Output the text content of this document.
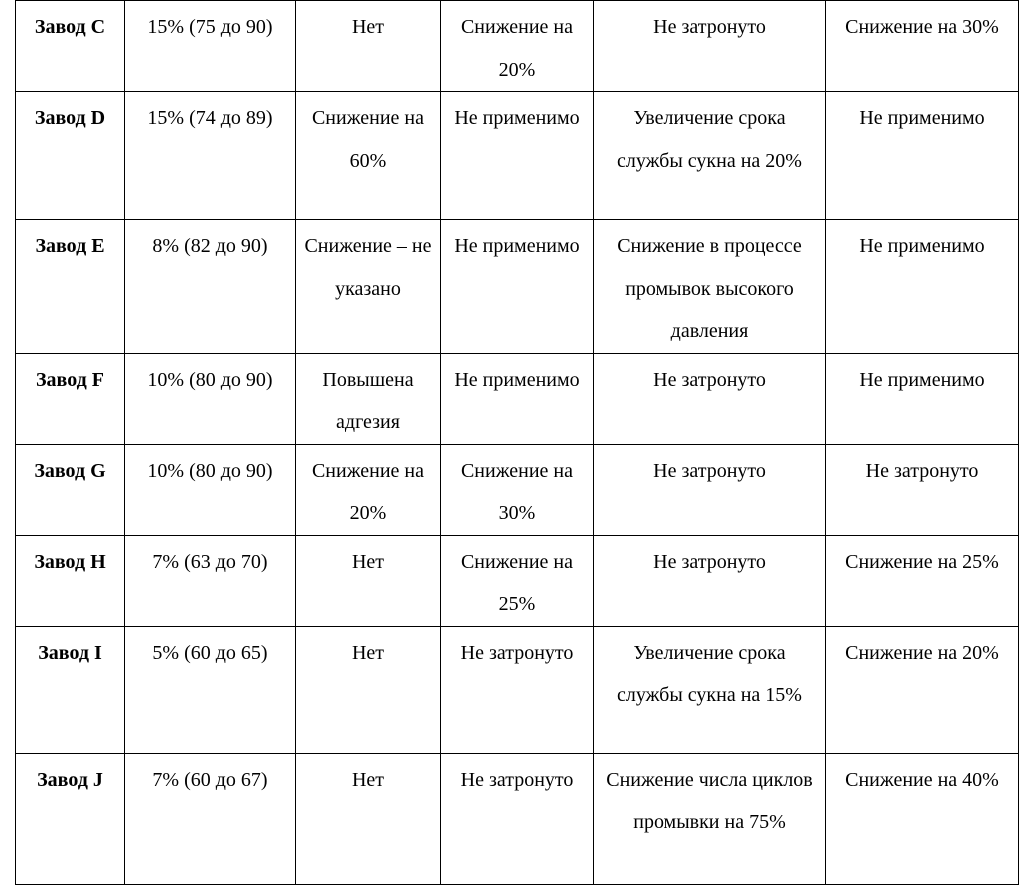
Завод C	15% (75 до 90)	Нет	Снижение на 20%	Не затронуто	Снижение на 30%
Завод D	15% (74 до 89)	Снижение на 60%	Не применимо	Увеличение срока службы сукна на 20%	Не применимо
Завод E	8% (82 до 90)	Снижение – не указано	Не применимо	Снижение в процессе промывок высокого давления	Не применимо
Завод F	10% (80 до 90)	Повышена адгезия	Не применимо	Не затронуто	Не применимо
Завод G	10% (80 до 90)	Снижение на 20%	Снижение на 30%	Не затронуто	Не затронуто
Завод H	7% (63 до 70)	Нет	Снижение на 25%	Не затронуто	Снижение на 25%
Завод I	5% (60 до 65)	Нет	Не затронуто	Увеличение срока службы сукна на 15%	Снижение на 20%
Завод J	7% (60 до 67)	Нет	Не затронуто	Снижение числа циклов промывки на 75%	Снижение на 40%
